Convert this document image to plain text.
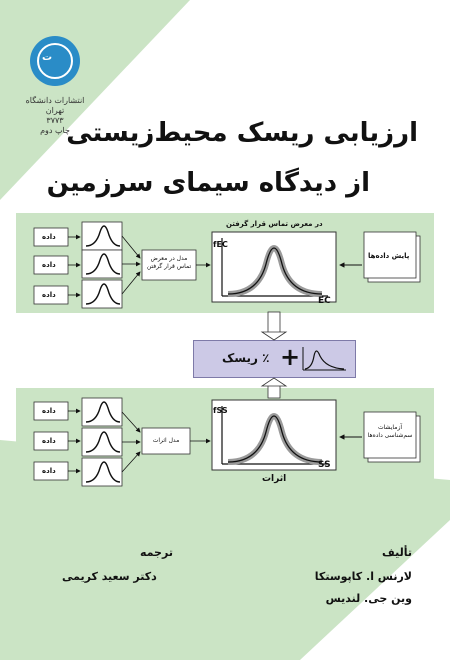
ت
انتشارات دانشگاه تهران
۳۷۷۳
چاپ دوم
ارزیابی ریسک محیط‌زیستی
از دیدگاه سیمای سرزمین
در معرض تماس قرار گرفتن
داده
داده
داده
مدل در معرض تماس قرار گرفتن
پایش داده‌ها
fEC
EC
٪ ریسک +
داده
داده
داده
مدل اثرات
آزمایشات سم‌شناسی داده‌ها
fSS
SS
اثرات
تألیف
لارنس ا. کاپوستکا
وین جی. لندیس
ترجمه
دکتر سعید کریمی
